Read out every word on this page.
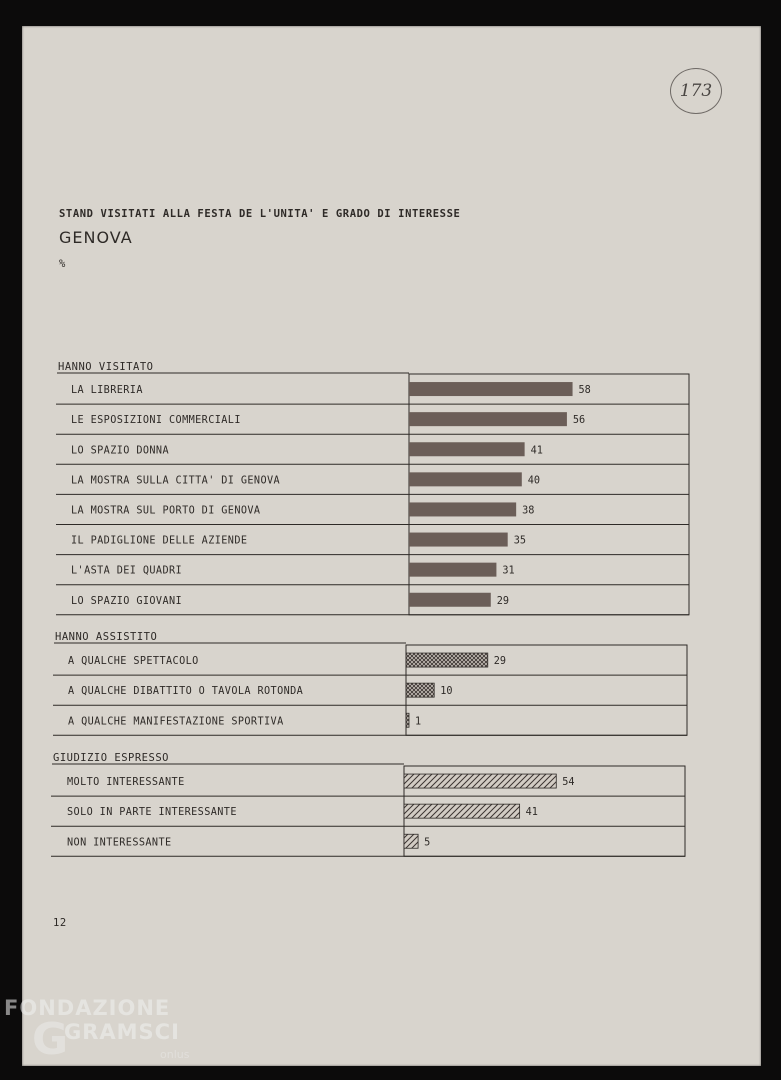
STAND VISITATI ALLA FESTA DE L'UNITA' E GRADO DI INTERESSE
GENOVA
%
173
12
HANNO VISITATO
LA LIBRERIA	58
LE ESPOSIZIONI COMMERCIALI	56
LO SPAZIO DONNA	41
LA MOSTRA SULLA CITTA' DI GENOVA	40
LA MOSTRA SUL PORTO DI GENOVA	38
IL PADIGLIONE DELLE AZIENDE	35
L'ASTA DEI QUADRI	31
LO SPAZIO GIOVANI	29
HANNO ASSISTITO
A QUALCHE SPETTACOLO	29
A QUALCHE DIBATTITO O TAVOLA ROTONDA	10
A QUALCHE MANIFESTAZIONE SPORTIVA	1
GIUDIZIO ESPRESSO
MOLTO INTERESSANTE	54
SOLO IN PARTE INTERESSANTE	41
NON INTERESSANTE	5
FONDAZIONE
G
GRAMSCI
onlus
